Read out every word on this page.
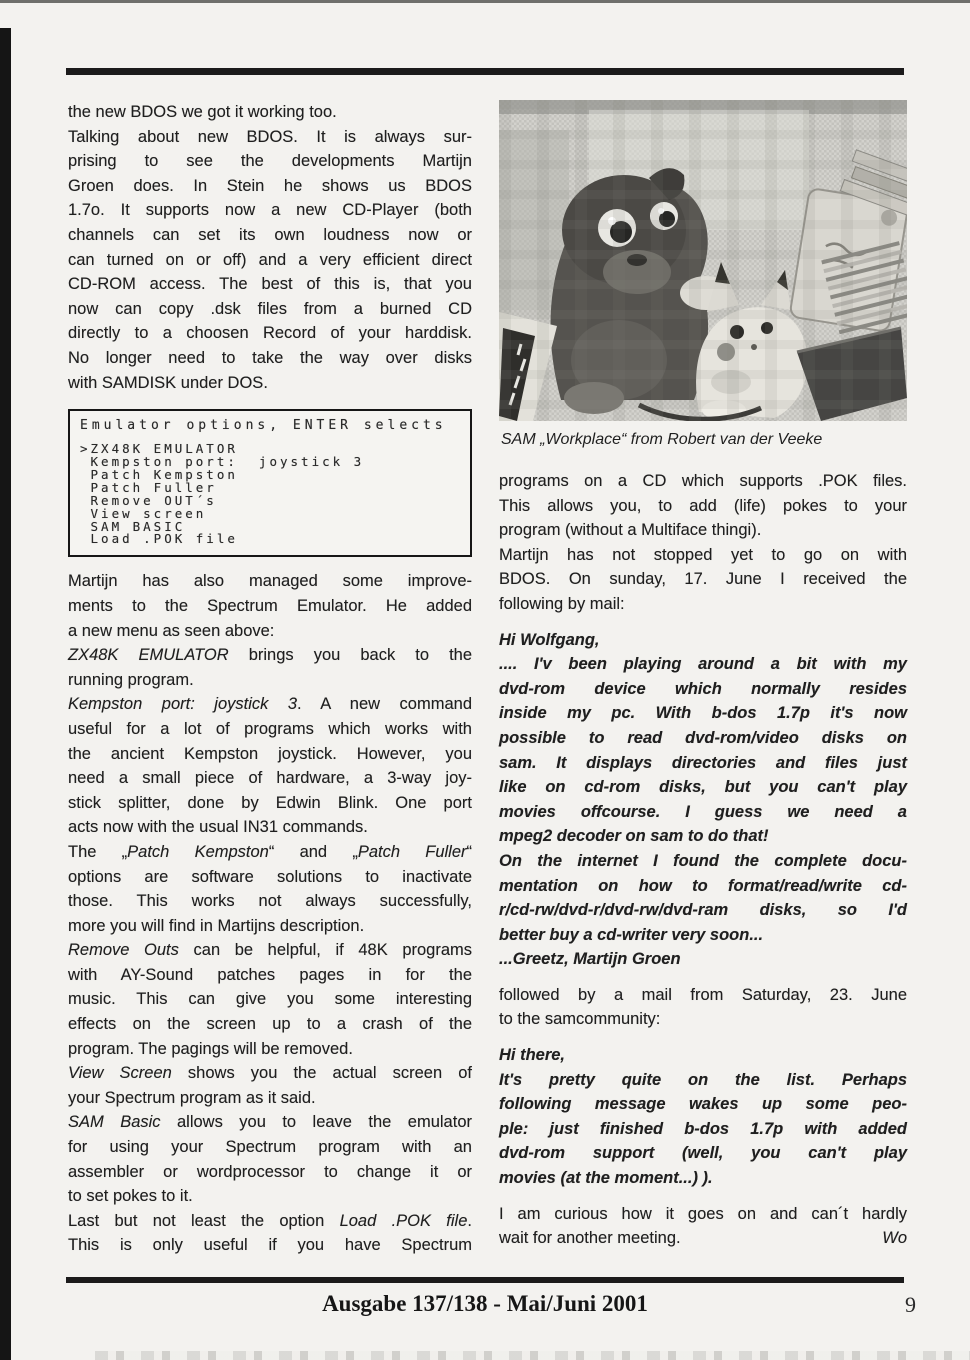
the new BDOS we got it working too.
Talking about new BDOS. It is always sur-
prising to see the developments Martijn
Groen does. In Stein he shows us BDOS
1.7o. It supports now a new CD-Player (both
channels can set its own loudness now or
can turned on or off) and a very efficient direct
CD-ROM access. The best of this is, that you
now can copy .dsk files from a burned CD
directly to a choosen Record of your harddisk.
No longer need to take the way over disks
with SAMDISK under DOS.
Emulator options, ENTER selects
>ZX48K EMULATOR
Kempston port:  joystick 3
Patch Kempston
Patch Fuller
Remove OUT´s
View screen
SAM BASIC
Load .POK file
Martijn has also managed some improve-
ments to the Spectrum Emulator. He added
a new menu as seen above:
ZX48K EMULATOR brings you back to the
running program.
Kempston port: joystick 3. A new command
useful for a lot of programs which works with
the ancient Kempston joystick. However, you
need a small piece of hardware, a 3-way joy-
stick splitter, done by Edwin Blink. One port
acts now with the usual IN31 commands.
The „Patch Kempston“ and „Patch Fuller“
options are software solutions to inactivate
those. This works not always successfully,
more you will find in Martijns description.
Remove Outs can be helpful, if 48K programs
with AY-Sound patches pages in for the
music. This can give you some interesting
effects on the screen up to a crash of the
program. The pagings will be removed.
View Screen shows you the actual screen of
your Spectrum program as it said.
SAM Basic allows you to leave the emulator
for using your Spectrum program with an
assembler or wordprocessor to change it or
to set pokes to it.
Last but not least the option Load .POK file.
This is only useful if you have Spectrum
SAM „Workplace“ from Robert van der Veeke
programs on a CD which supports .POK files.
This allows you, to add (life) pokes to your
program (without a Multiface thingi).
Martijn has not stopped yet to go on with
BDOS. On sunday, 17. June I received the
following by mail:
Hi Wolfgang,
.... I'v been playing around a bit with my
dvd-rom device which normally resides
inside my pc. With b-dos 1.7p it's now
possible to read dvd-rom/video disks on
sam. It displays directories and files just
like on cd-rom disks, but you can't play
movies offcourse. I guess we need a
mpeg2 decoder on sam to do that!
On the internet I found the complete docu-
mentation on how to format/read/write cd-
r/cd-rw/dvd-r/dvd-rw/dvd-ram disks, so I'd
better buy a cd-writer very soon...
...Greetz, Martijn Groen
followed by a mail from Saturday, 23. June
to the samcommunity:
Hi there,
It's pretty quite on the list. Perhaps
following message wakes up some peo-
ple: just finished b-dos 1.7p with added
dvd-rom support (well, you can't play
movies (at the moment...) ).
I am curious how it goes on and can´t hardly
wait for another meeting.	Wo
Ausgabe 137/138 - Mai/Juni 2001	9
